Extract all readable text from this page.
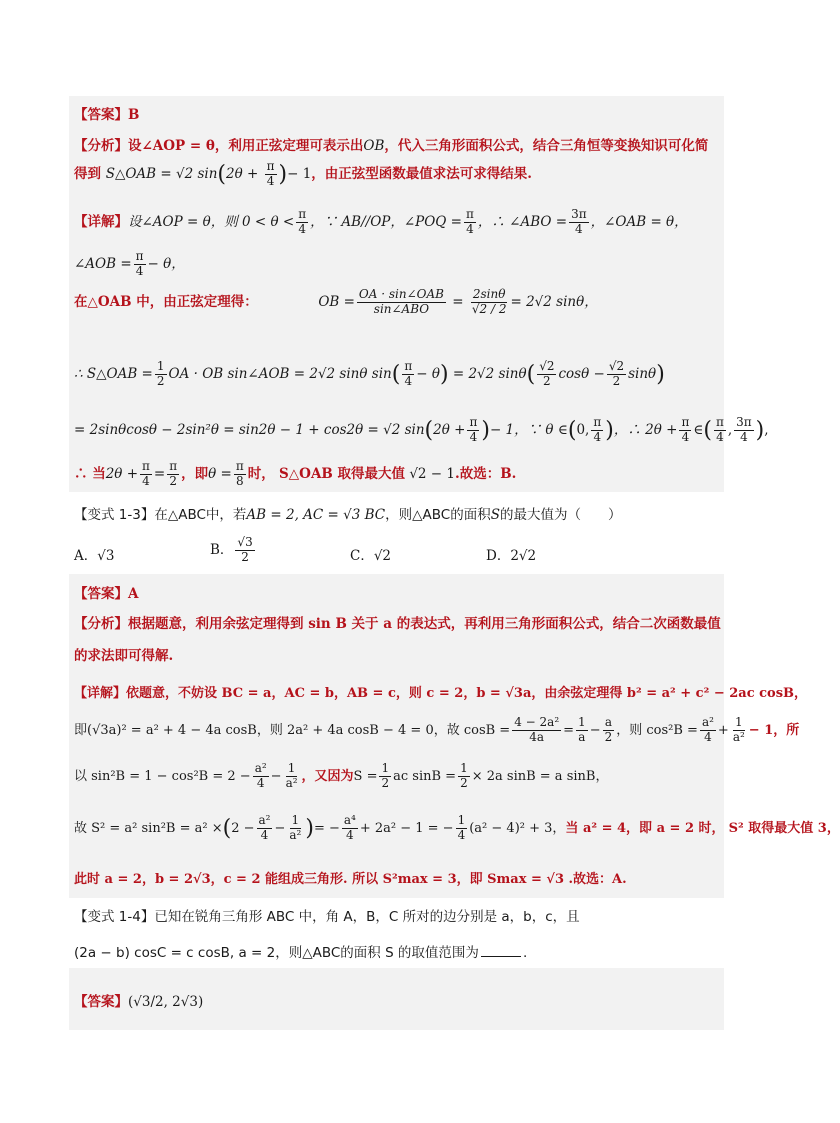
【答案】B
【分析】设∠AOP = θ，利用正弦定理可表示出OB，代入三角形面积公式，结合三角恒等变换知识可化简
得到 S△OAB = √2 $\sin(2\theta + \frac{\pi}{4}$ )− 1，由正弦型函数最值求法可求得结果.
【详解】设∠AOP = θ，则 $0 < \theta < \frac{\pi}{4}$ ，∵ AB//OP，∠POQ = $\frac{\pi}{4}$ ，∴ ∠ABO = $\frac{3\pi}{4}$ ，∠OAB = θ，
∠AOB = $\frac{\pi}{4} - \theta$，
在△OAB 中，由正弦定理得：	OB = $\frac{\text{OA · sin∠OAB}}{\text{sin∠ABO}} = \frac{2\sin\theta}{√2 / 2} = 2√2$ sinθ，
∴ S△OAB = $\frac{1}{2}$ OA · OB sin∠AOB = 2√2 sinθ $\sin( \frac{\pi}{4} - \theta) = 2√2$ $\sin\theta( \frac{√2}{2}$ $\cos\theta - \frac{√2}{2} \sin\theta$)
= 2sinθcosθ − 2sin²θ = sin2θ − 1 + cos2θ = √2 $\sin(2\theta + \frac{\pi}{4}$ )− 1，∵ θ ∈(0, $\frac{\pi}{4}$ )，∴ $2\theta + \frac{\pi}{4}$ ∈( $\frac{\pi}{4}$ , $\frac{3\pi}{4}$ ),
∴ 当$2\theta + \frac{\pi}{4} = \frac{\pi}{2}$ ，即$\theta = \frac{\pi}{8}$ 时， S△OAB 取得最大值 √2 − 1.故选：B.
【变式 1-3】在△ABC中，若AB = 2, AC = √3 BC，则△ABC的面积S的最大值为（　　）
A．√3	B． $\frac{√3}{2}$	C．√2	D．2√2
【答案】A
【分析】根据题意，利用余弦定理得到 sin B 关于 a 的表达式，再利用三角形面积公式，结合二次函数最值
的求法即可得解.
【详解】依题意，不妨设 BC = a，AC = b，AB = c，则 c = 2，b = √3a，由余弦定理得 b² = a² + c² − 2ac cosB，
即(√3a)² = a² + 4 − 4a cosB，则 2a² + 4a cosB − 4 = 0，故 $\cos B = \frac{\text{4 − 2a²}}{4a} = \frac{1}{a} - \frac{a}{2}$ ，则 $\cos^2B = \frac{\text{a²}}{4} + \frac{1}{\text{a²}} - 1$，所
以 $\sin^2B = 1 - \cos^2B = 2 - \frac{\text{a²}}{4} - \frac{1}{\text{a²}}$ ，又因为$S = \frac{1}{2}$ ac $\sin B = \frac{1}{2} \times 2a$ sinB = a sinB，
故 S² = a² $\sin^2B = a^2 \times(2 - \frac{\text{a²}}{4} - \frac{1}{\text{a²}}$ )= − $\frac{\text{a⁴}}{4} + 2a^2 - 1$ = − $\frac{1}{4} (a^2 - 4)^2 + 3$，当 a² = 4，即 a = 2 时， S² 取得最大值 3，
此时 a = 2，b = 2√3，c = 2 能组成三角形. 所以 S²max = 3，即 Smax = √3 .故选：A.
【变式 1-4】已知在锐角三角形 ABC 中，角 A，B，C 所对的边分别是 a，b，c，且
(2a − b) cosC = c cosB, a = 2，则△ABC的面积 S 的取值范围为	.
【答案】(√3/2, 2√3)
